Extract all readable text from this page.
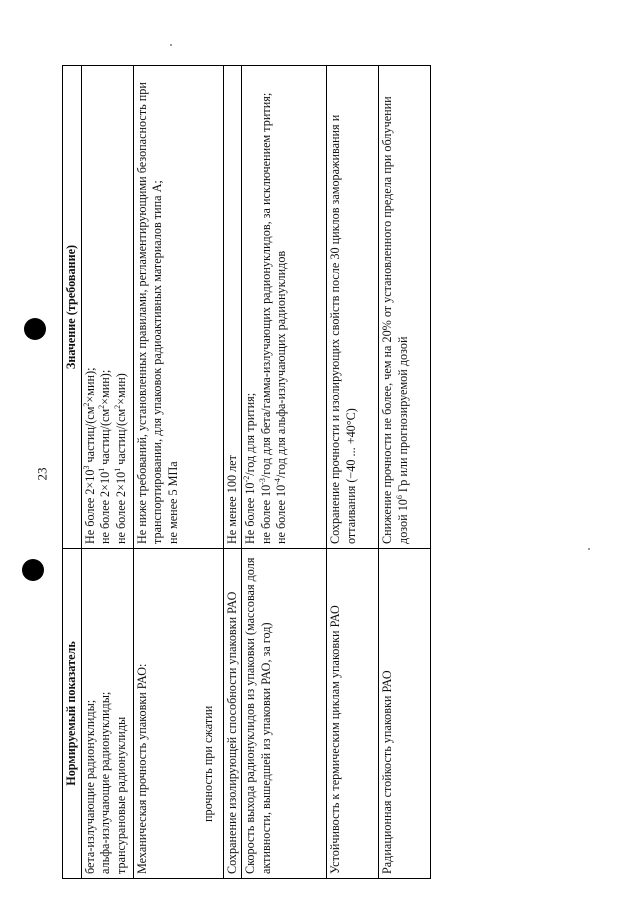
23
Нормируемый показатель	Значение (требование)

бета-излучающие радионуклиды; альфа-излучающие радионуклиды; трансурановые радионуклиды	Не более $2\times 10^3$ частиц/$(см^2\times мин)$;
не более $2\times 10^1$ частиц/$(см^2\times мин)$;
не более $2\times 10^1$ частиц/$(см^2\times мин)$

Механическая прочность упаковки РАО: прочность при сжатии	Не ниже требований, установленных правилами, регламентирующими безопасность при транспортировании, для упаковок радиоактивных материалов типа А; не менее 5 МПа

Сохранение изолирующей способности упаковки РАО	Не менее 100 лет
Скорость выхода радионуклидов из упаковки (массовая доля активности, вышедшей из упаковки РАО, за год)	Не более $10^{-2}$/год для трития;
не более $10^{-3}$/год для бета/гамма-излучающих радионуклидов, за исключением трития;
не более $10^{-4}$/год для альфа-излучающих радионуклидов

Устойчивость к термическим циклам упаковки РАО	Сохранение прочности и изолирующих свойств после 30 циклов замораживания и оттаивания (−40 ... +40°С)
Радиационная стойкость упаковки РАО	Снижение прочности не более, чем на 20% от установленного предела при облучении дозой $10^6$ Гр или прогнозируемой дозой
